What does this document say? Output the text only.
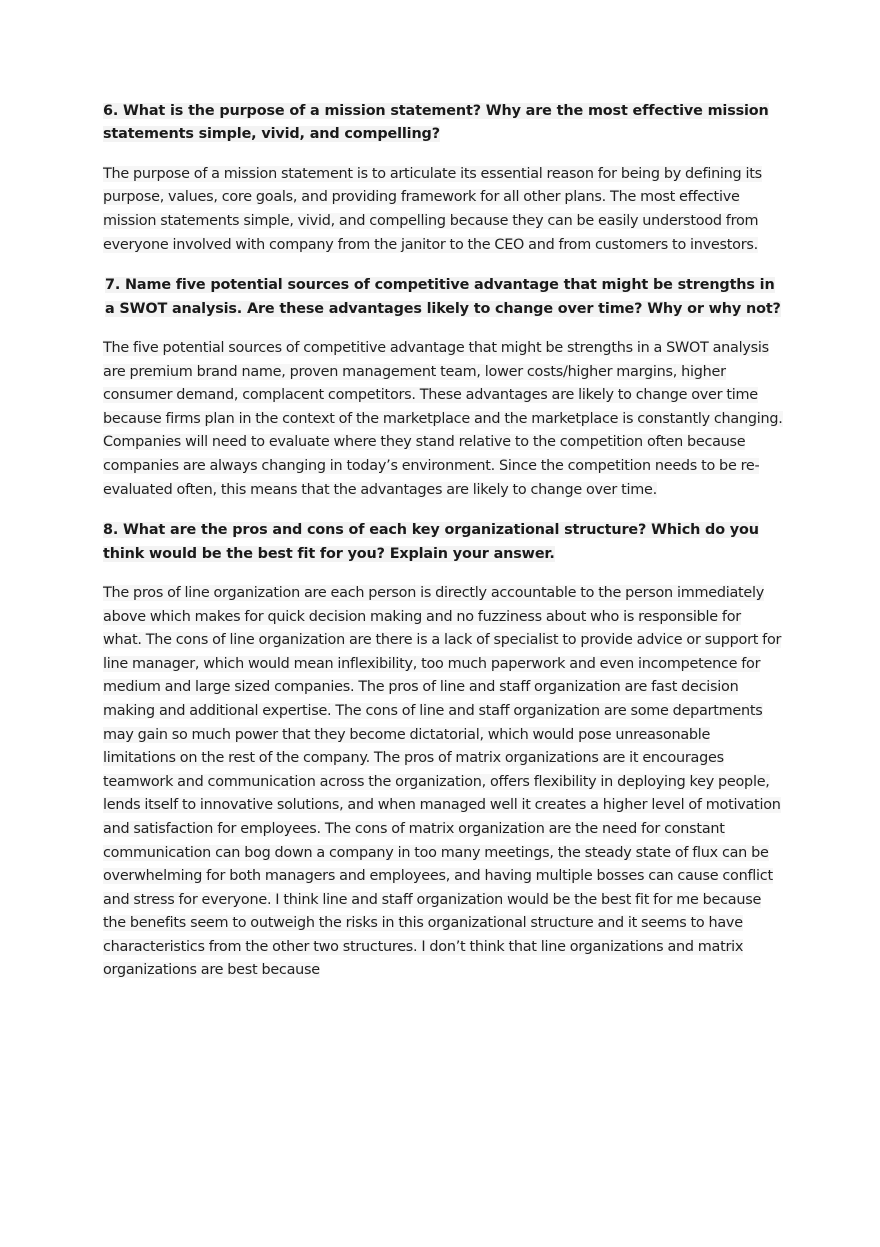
6. What is the purpose of a mission statement? Why are the most effective mission statements simple, vivid, and compelling?

The purpose of a mission statement is to articulate its essential reason for being by defining its purpose, values, core goals, and providing framework for all other plans. The most effective mission statements simple, vivid, and compelling because they can be easily understood from everyone involved with company from the janitor to the CEO and from customers to investors.

7. Name five potential sources of competitive advantage that might be strengths in a SWOT analysis. Are these advantages likely to change over time? Why or why not?

The five potential sources of competitive advantage that might be strengths in a SWOT analysis are premium brand name, proven management team, lower costs/higher margins, higher consumer demand, complacent competitors. These advantages are likely to change over time because firms plan in the context of the marketplace and the marketplace is constantly changing. Companies will need to evaluate where they stand relative to the competition often because companies are always changing in today’s environment. Since the competition needs to be re-evaluated often, this means that the advantages are likely to change over time.

8. What are the pros and cons of each key organizational structure? Which do you think would be the best fit for you? Explain your answer.

The pros of line organization are each person is directly accountable to the person immediately above which makes for quick decision making and no fuzziness about who is responsible for what. The cons of line organization are there is a lack of specialist to provide advice or support for line manager, which would mean inflexibility, too much paperwork and even incompetence for medium and large sized companies. The pros of line and staff organization are fast decision making and additional expertise. The cons of line and staff organization are some departments may gain so much power that they become dictatorial, which would pose unreasonable limitations on the rest of the company. The pros of matrix organizations are it encourages teamwork and communication across the organization, offers flexibility in deploying key people, lends itself to innovative solutions, and when managed well it creates a higher level of motivation and satisfaction for employees. The cons of matrix organization are the need for constant communication can bog down a company in too many meetings, the steady state of flux can be overwhelming for both managers and employees, and having multiple bosses can cause conflict and stress for everyone. I think line and staff organization would be the best fit for me because the benefits seem to outweigh the risks in this organizational structure and it seems to have characteristics from the other two structures. I don’t think that line organizations and matrix organizations are best because
